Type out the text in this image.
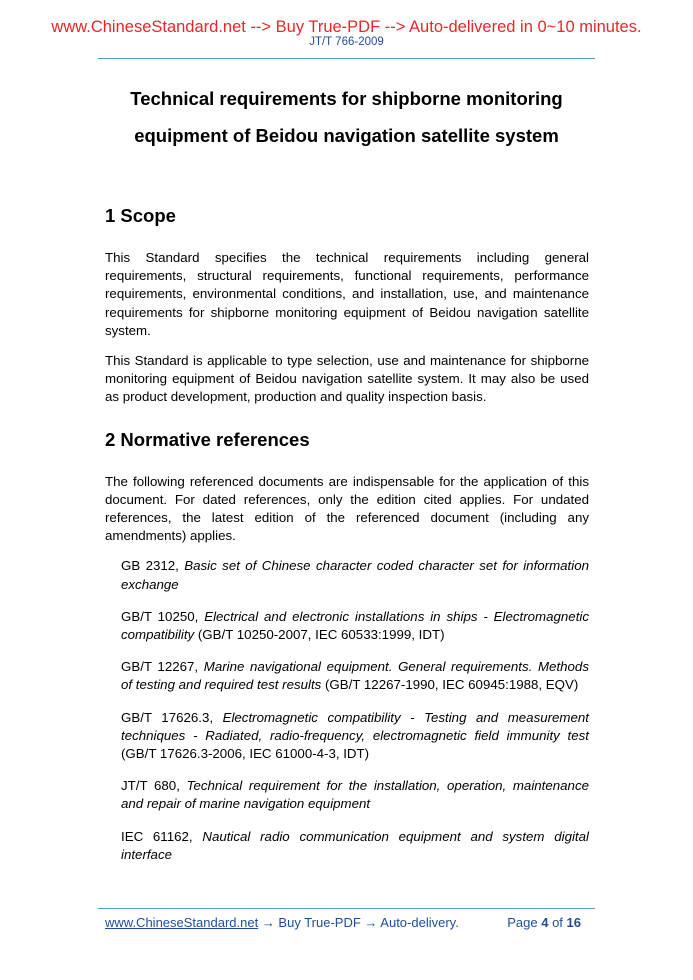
www.ChineseStandard.net --> Buy True-PDF --> Auto-delivered in 0~10 minutes.
JT/T 766-2009
Technical requirements for shipborne monitoring
equipment of Beidou navigation satellite system
1 Scope

This Standard specifies the technical requirements including general requirements, structural requirements, functional requirements, performance requirements, environmental conditions, and installation, use, and maintenance requirements for shipborne monitoring equipment of Beidou navigation satellite system.

This Standard is applicable to type selection, use and maintenance for shipborne monitoring equipment of Beidou navigation satellite system. It may also be used as product development, production and quality inspection basis.

2 Normative references

The following referenced documents are indispensable for the application of this document. For dated references, only the edition cited applies. For undated references, the latest edition of the referenced document (including any amendments) applies.

GB 2312, Basic set of Chinese character coded character set for information exchange

GB/T 10250, Electrical and electronic installations in ships - Electromagnetic compatibility (GB/T 10250-2007, IEC 60533:1999, IDT)

GB/T 12267, Marine navigational equipment. General requirements. Methods of testing and required test results (GB/T 12267-1990, IEC 60945:1988, EQV)

GB/T 17626.3, Electromagnetic compatibility - Testing and measurement techniques - Radiated, radio-frequency, electromagnetic field immunity test (GB/T 17626.3-2006, IEC 61000-4-3, IDT)

JT/T 680, Technical requirement for the installation, operation, maintenance and repair of marine navigation equipment

IEC 61162, Nautical radio communication equipment and system digital interface

www.ChineseStandard.net → Buy True-PDF → Auto-delivery.	Page 4 of 16
